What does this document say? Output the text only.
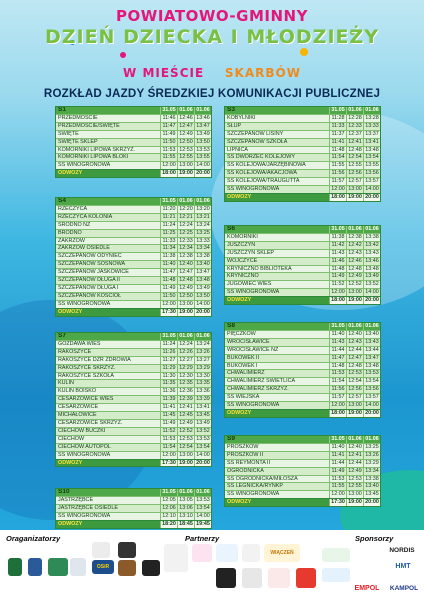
POWIATOWO-GMINNY
DZIEŃ DZIECKA I MŁODZIEŻY
W MIEŚCIE SKARBÓW
ROZKŁAD JAZDY ŚREDZKIEJ KOMUNIKACJI PUBLICZNEJ
S1	31.05 01.06 01.06
PRZEDMOŚCIE	11:46 12:46 13:46
PRZEDMOŚCIE/ŚWIĘTE	11:47 12:47 13:47
ŚWIĘTE	11:49 12:49 13:49
ŚWIĘTE SKLEP	11:50 12:50 13:50
KOMORNIKI LIPOWA SKRZYŻ.	11:53 12:53 13:53
KOMORNIKI LIPOWA BLOKI	11:55 12:55 13:55
ŚŚ WINOGRONOWA	12:00 13:00 14:00
ODWOZY	18:00 19:00 20:00
S3	31.05 01.06 01.06
KOBYLNIKI	11:28 12:28 13:28
SŁUP	11:33 12:33 13:33
SZCZEPANÓW LISINY	11:37 12:37 13:37
SZCZEPANÓW SZKOŁA	11:41 12:41 13:41
LIPNICA	11:48 12:48 13:48
ŚŚ DWORZEC KOLEJOWY	11:54 12:54 13:54
ŚŚ KOLEJOWA/JARZĘBINOWA	11:55 12:55 13:55
ŚŚ KOLEJOWA/AKACJOWA	11:56 12:56 13:56
ŚŚ KOLEJOWA/TRAUGUTTA	11:57 12:57 13:57
ŚŚ WINOGRONOWA	12:00 13:00 14:00
ODWOZY	18:00 19:00 20:00
S4	31.05 01.06 01.06
RZECZYCA	11:20 12:20 13:20
RZECZYCA KOLONIA	11:21 12:21 13:21
ŚRODNO NŻ	11:24 12:24 13:24
BRODNO	11:25 12:25 13:25
ZAKRZÓW	11:33 12:33 13:33
ZAKRZÓW OSIEDLE	11:34 12:34 13:34
SZCZEPANÓW ODYNIEC	11:38 12:38 13:38
SZCZEPANÓW SOSNOWA	11:40 12:40 13:40
SZCZEPANÓW JAŚKOWICE	11:47 12:47 13:47
SZCZEPANÓW DŁUGA II	11:48 12:48 13:48
SZCZEPANÓW DŁUGA I	11:49 12:49 13:49
SZCZEPANÓW KOŚCIÓŁ	11:50 12:50 13:50
ŚŚ WINOGRONOWA	12:00 13:00 14:00
ODWOZY	17:30 19:00 20:00
S6	31.05 01.06 01.06
KOMORNIKI	11:38 12:38 13:38
JUSZCZYN	11:42 12:42 13:42
JUSZCZYN SKLEP	11:43 12:43 13:43
WOJCZYCE	11:46 12:46 13:46
KRYNICZNO BIBLIOTEKA	11:48 12:48 13:48
KRYNICZNO	11:49 12:49 13:49
JUGOWIEC WIEŚ	11:52 12:52 13:52
ŚŚ WINOGRONOWA	12:00 13:00 14:00
ODWOZY	18:00 19:00 20:00
S7	31.05 01.06 01.06
GOZDAWA WIEŚ	11:24 12:24 13:24
RAKOSZYCE	11:26 12:26 13:26
RAKOSZYCE DZR ZDROWIA	11:27 12:27 13:27
RAKOSZYCE SKRZYŻ.	11:29 12:29 13:29
RAKOSZYCE SZKOŁA	11:30 12:30 13:30
KULIN	11:35 12:35 13:35
KULIN BOISKO	11:36 12:36 13:36
CESARZOWICE WIEŚ	11:39 12:39 13:39
CESARZOWICE	11:41 12:41 13:41
MICHAŁOWICE	11:45 12:45 13:45
CESARZOWICE SKRZYŻ.	11:49 12:49 13:49
CIECHÓW BUCZKI	11:52 12:52 13:52
CIECHÓW	11:53 12:53 13:53
CIECHÓW AUTOPOL	11:54 12:54 13:54
ŚŚ WINOGRONOWA	12:00 13:00 14:00
ODWOZY	17:30 19:00 20:00
S8	31.05 01.06 01.06
PIĘCZKÓW	11:40 12:40 13:40
WROCISŁAWICE	11:43 12:43 13:43
WROCISŁAWICE NŻ	11:44 12:44 13:44
BUKÓWEK II	11:47 12:47 13:47
BUKÓWEK I	11:48 12:48 13:48
CHWALIMIERZ	11:53 12:53 13:53
CHWALIMIERZ ŚWIETLICA	11:54 12:54 13:54
CHWALIMIERZ SKRZYŻ.	11:56 12:56 13:56
ŚŚ WIEJSKA	11:57 12:57 13:57
ŚŚ WINOGRONOWA	12:00 13:00 14:00
ODWOZY	18:00 19:00 20:00
S9	31.05 01.06 01.06
PROSZKÓW	11:40 12:40 13:25
PROSZKÓW II	11:41 12:41 13:26
ŚŚ REYMONTA II	11:44 12:44 13:29
OGRODNICKA	11:49 12:49 13:34
ŚŚ OGRODNICKA/MIŁOSZA	11:53 12:53 13:38
ŚŚ LEGNICKA/RYNKP	11:55 12:55 13:40
ŚŚ WINOGRONOWA	12:00 13:00 13:45
ODWOZY	17:30 19:00 20:00
S10	31.05 01.06 01.06
JASTRZĘBCE	12:05 13:05 13:53
JASTRZĘBCE OSIEDLE	12:06 13:06 13:54
ŚŚ WINOGRONOWA	12:10 13:10 14:00
ODWOZY	18:20 18:45 19:45
Oraganizatorzy	Partnerzy	Sponsorzy
OSiR
WIĄCZEŃ	NORDIS
HMT
EMPOL	KAMPOL
